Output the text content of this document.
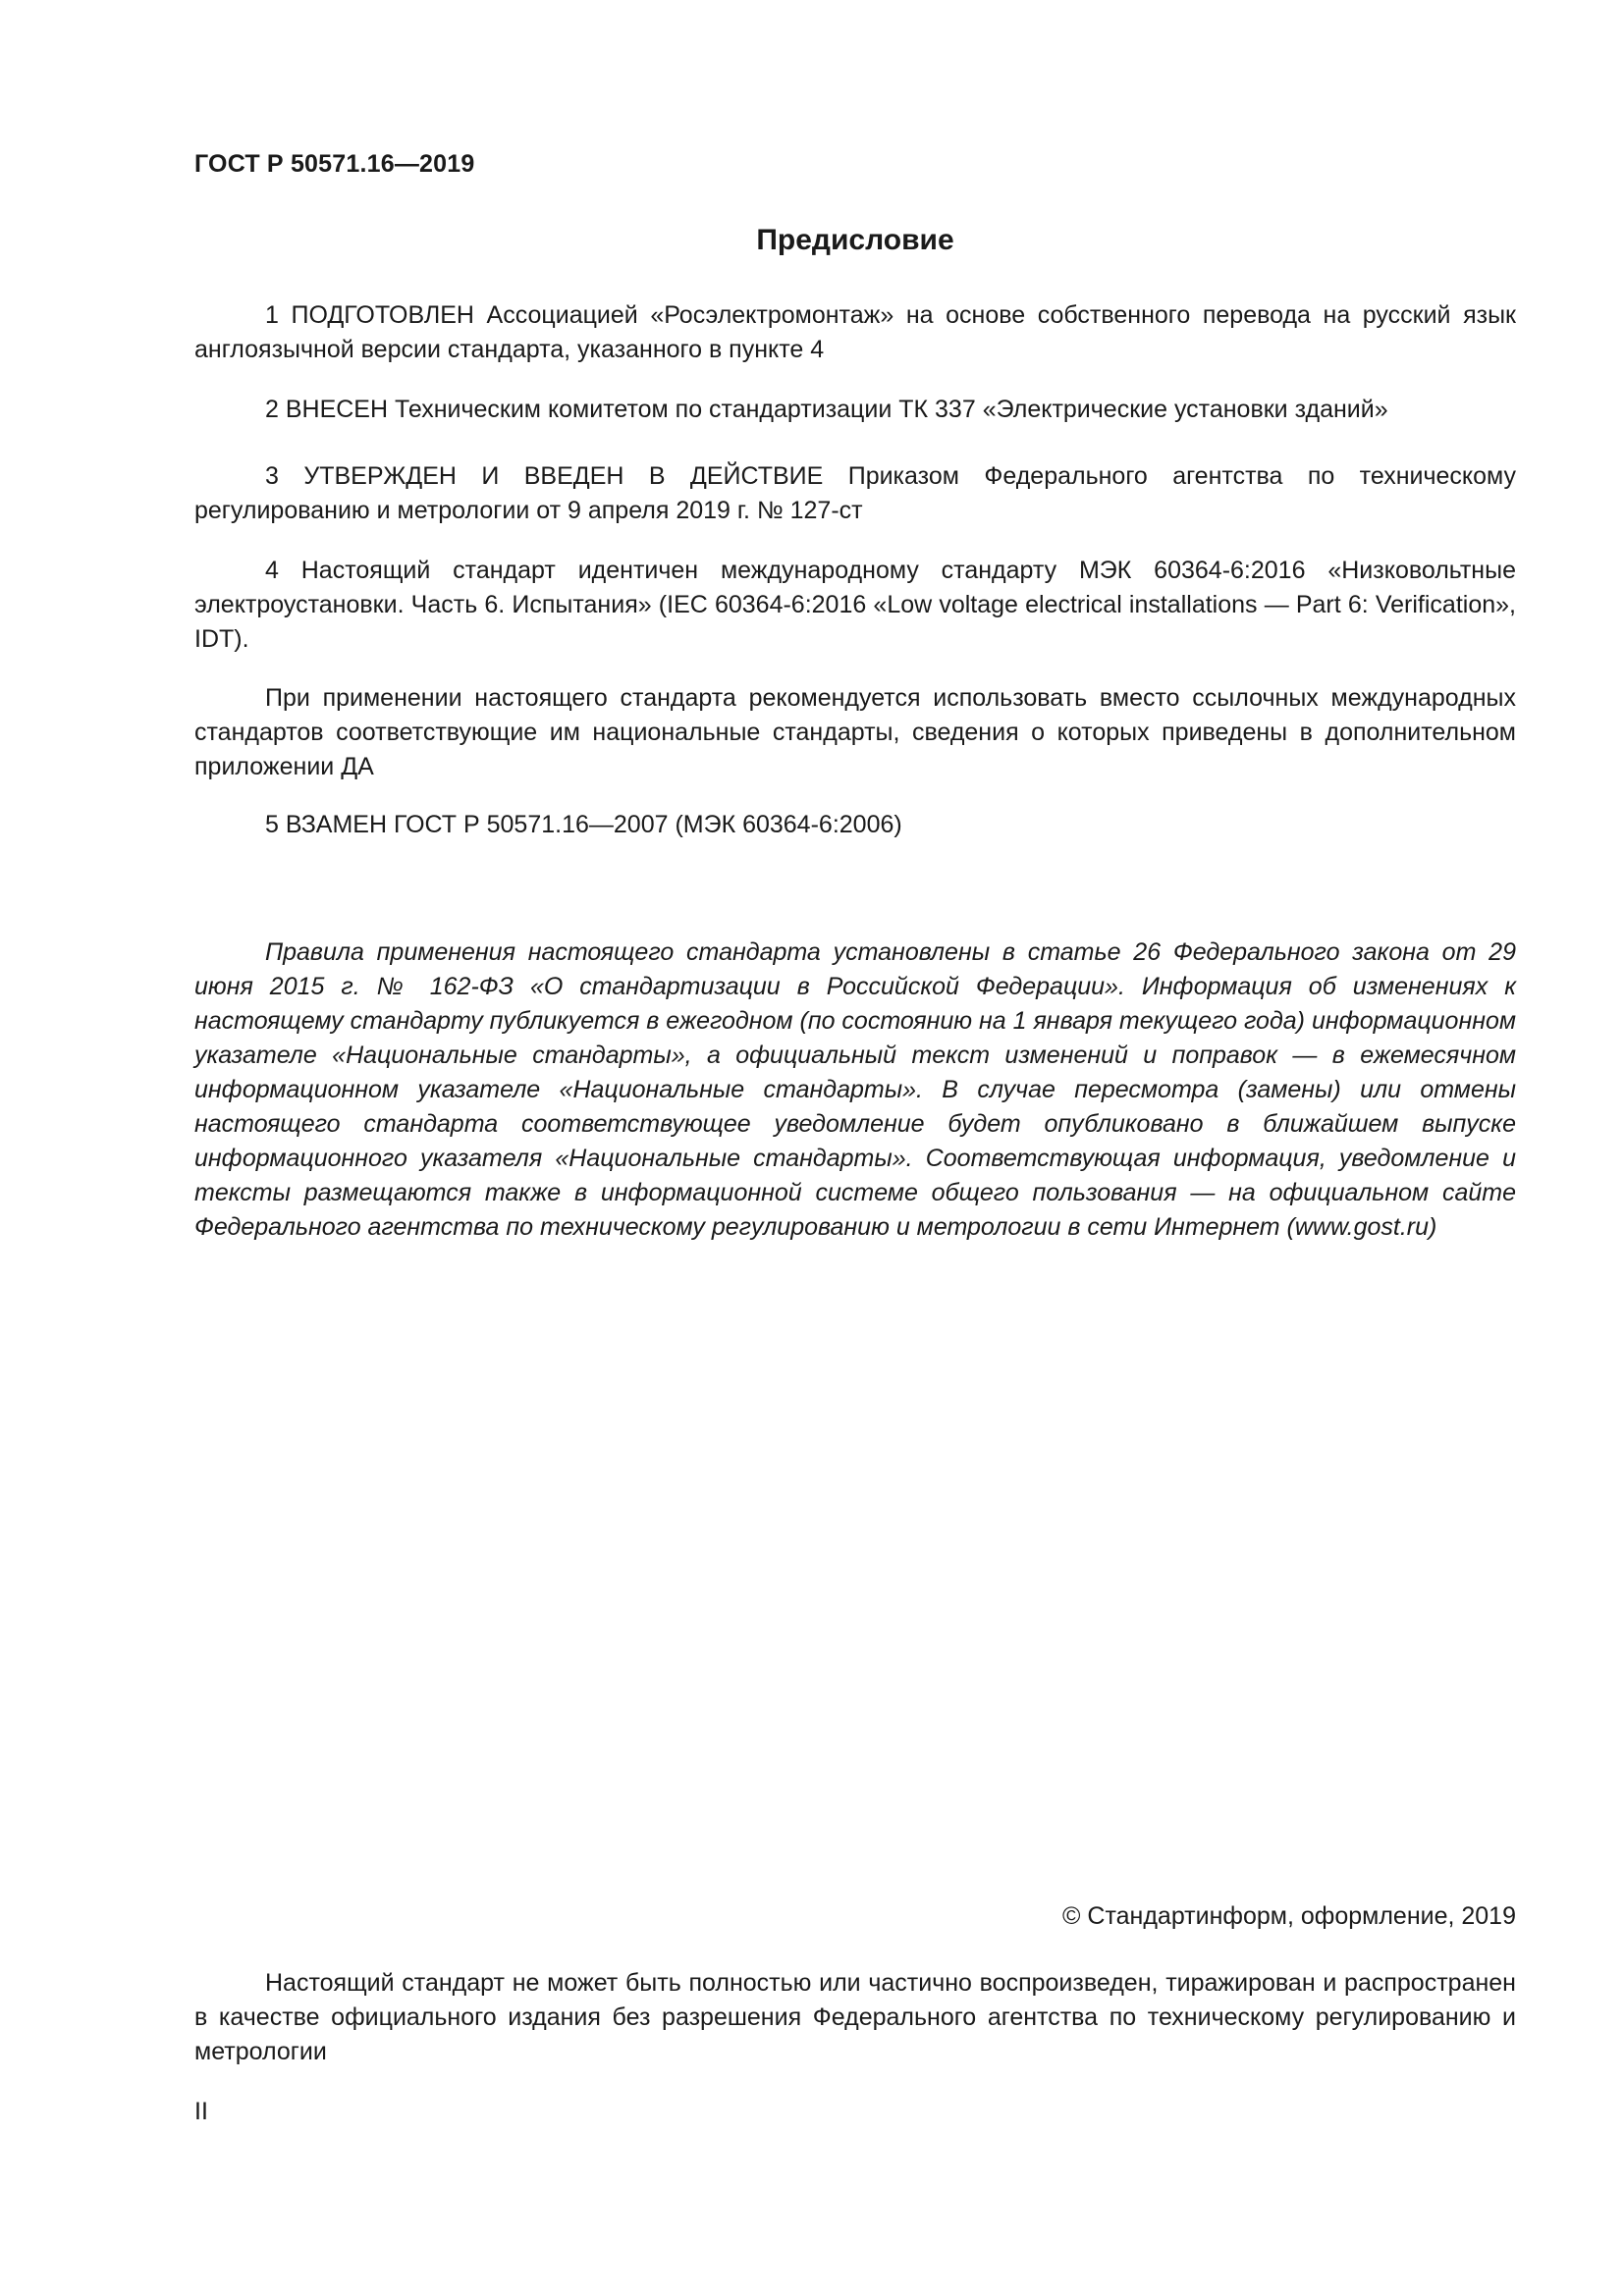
ГОСТ Р 50571.16—2019

Предисловие

1 ПОДГОТОВЛЕН Ассоциацией «Росэлектромонтаж» на основе собственного перевода на русский язык англоязычной версии стандарта, указанного в пункте 4

2 ВНЕСЕН Техническим комитетом по стандартизации ТК 337 «Электрические установки зданий»

3 УТВЕРЖДЕН И ВВЕДЕН В ДЕЙСТВИЕ Приказом Федерального агентства по техническому регулированию и метрологии от 9 апреля 2019 г. № 127-ст

4 Настоящий стандарт идентичен международному стандарту МЭК 60364-6:2016 «Низковольтные электроустановки. Часть 6. Испытания» (IEC 60364-6:2016 «Low voltage electrical installations — Part 6: Verification», IDT).

При применении настоящего стандарта рекомендуется использовать вместо ссылочных международных стандартов соответствующие им национальные стандарты, сведения о которых приведены в дополнительном приложении ДА

5 ВЗАМЕН ГОСТ Р 50571.16—2007 (МЭК 60364-6:2006)

Правила применения настоящего стандарта установлены в статье 26 Федерального закона от 29 июня 2015 г. № 162-ФЗ «О стандартизации в Российской Федерации». Информация об изменениях к настоящему стандарту публикуется в ежегодном (по состоянию на 1 января текущего года) информационном указателе «Национальные стандарты», а официальный текст изменений и поправок — в ежемесячном информационном указателе «Национальные стандарты». В случае пересмотра (замены) или отмены настоящего стандарта соответствующее уведомление будет опубликовано в ближайшем выпуске информационного указателя «Национальные стандарты». Соответствующая информация, уведомление и тексты размещаются также в информационной системе общего пользования — на официальном сайте Федерального агентства по техническому регулированию и метрологии в сети Интернет (www.gost.ru)

© Стандартинформ, оформление, 2019

Настоящий стандарт не может быть полностью или частично воспроизведен, тиражирован и распространен в качестве официального издания без разрешения Федерального агентства по техническому регулированию и метрологии

II
